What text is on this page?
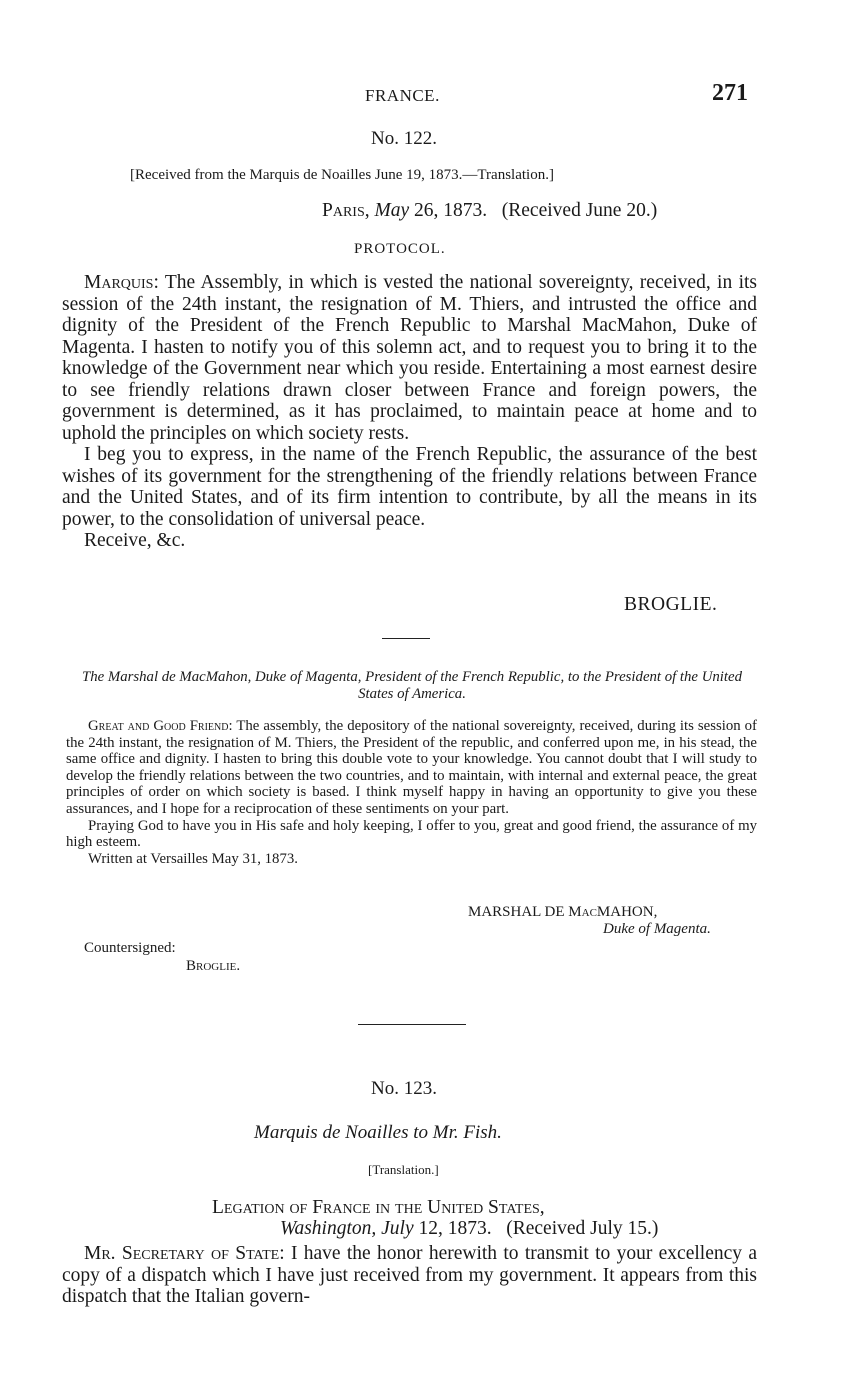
FRANCE.	271
No. 122.
[Received from the Marquis de Noailles June 19, 1873.—Translation.]
Paris, May 26, 1873. (Received June 20.)
PROTOCOL.

Marquis: The Assembly, in which is vested the national sovereignty, received, in its session of the 24th instant, the resignation of M. Thiers, and intrusted the office and dignity of the President of the French Republic to Marshal MacMahon, Duke of Magenta. I hasten to notify you of this solemn act, and to request you to bring it to the knowledge of the Government near which you reside. Entertaining a most earnest desire to see friendly relations drawn closer between France and foreign powers, the government is determined, as it has proclaimed, to maintain peace at home and to uphold the principles on which society rests.

I beg you to express, in the name of the French Republic, the assurance of the best wishes of its government for the strengthening of the friendly relations between France and the United States, and of its firm intention to contribute, by all the means in its power, to the consolidation of universal peace.

Receive, &c.

BROGLIE.
The Marshal de MacMahon, Duke of Magenta, President of the French Republic, to the President of the United States of America.

Great and Good Friend: The assembly, the depository of the national sovereignty, received, during its session of the 24th instant, the resignation of M. Thiers, the President of the republic, and conferred upon me, in his stead, the same office and dignity. I hasten to bring this double vote to your knowledge. You cannot doubt that I will study to develop the friendly relations between the two countries, and to maintain, with internal and external peace, the great principles of order on which society is based. I think myself happy in having an opportunity to give you these assurances, and I hope for a reciprocation of these sentiments on your part.

Praying God to have you in His safe and holy keeping, I offer to you, great and good friend, the assurance of my high esteem.

Written at Versailles May 31, 1873.

MARSHAL DE MacMAHON,
Duke of Magenta.
Countersigned:
Broglie.
No. 123.
Marquis de Noailles to Mr. Fish.
[Translation.]
Legation of France in the United States,
Washington, July 12, 1873. (Received July 15.)

Mr. Secretary of State: I have the honor herewith to transmit to your excellency a copy of a dispatch which I have just received from my government. It appears from this dispatch that the Italian govern-
